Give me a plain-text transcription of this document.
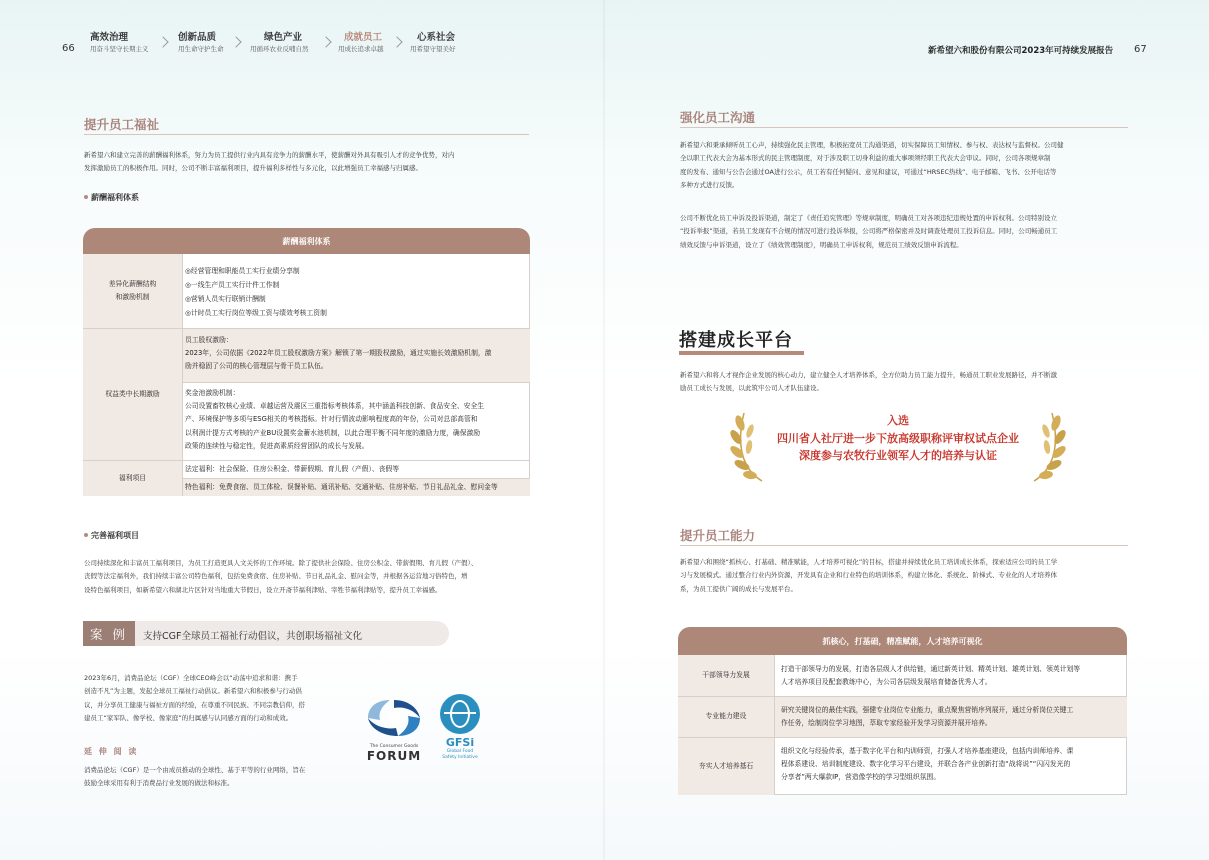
66
高效治理
用奋斗坚守长期主义
创新品质
用生命守护生命
绿色产业
用循环农业反哺自然
成就员工
用成长追求卓越
心系社会
用希望守望美好	新希望六和股份有限公司2023年可持续发展报告 67
提升员工福祉
新希望六和建立完善的薪酬福利体系，努力为员工提供行业内具有竞争力的薪酬水平，使薪酬对外具有吸引人才的竞争优势，对内
发挥激励员工的积极作用。同时，公司不断丰富福利项目，提升福利多样性与多元化，以此增强员工幸福感与归属感。
薪酬福利体系
薪酬福利体系
差异化薪酬结构
和激励机制
◎经营管理和职能员工实行业绩分享制
◎一线生产员工实行计件工作制
◎营销人员实行联销计酬制
◎计时员工实行岗位等级工资与绩效考核工资制
权益类中长期激励
员工股权激励：
2023年，公司依据《2022年员工股权激励方案》解锁了第一期股权激励，通过实施长效激励机制，激
励并稳固了公司的核心管理层与骨干员工队伍。
奖金池激励机制：
公司设置畜牧核心业绩、卓越运营及震区三重指标考核体系，其中涵盖科技创新、食品安全、安全生
产、环境保护等多项与ESG相关的考核指标。针对行情波动影响程度高的年份，公司对总部高管和
以利润计提方式考核的产业BU设置奖金蓄水池机制，以此合理平衡不同年度的激励力度，确保激励
政策的连续性与稳定性，促进高素质经营团队的成长与发展。
福利项目
法定福利：社会保险、住房公积金、带薪假期、育儿假（产假）、丧假等
特色福利：免费食宿、员工体检、误餐补贴、通讯补贴、交通补贴、住房补贴、节日礼品礼金、慰问金等
完善福利项目
公司持续深化和丰富员工福利项目，为员工打造更具人文关怀的工作环境。除了提供社会保险、住房公积金、带薪假期、育儿假（产假）、
丧假等法定福利外，我们持续丰富公司特色福利，包括免费食宿、住房补贴、节日礼品礼金、慰问金等，并根据各运营地习俗特色，增
设特色福利项目，如新希望六和湖北片区针对当地重大节假日，设立开斋节福利津贴、宰牲节福利津贴等，提升员工幸福感。
案 例	支持CGF全球员工福祉行动倡议，共创职场福祉文化
2023年6月，消费品论坛（CGF）全球CEO峰会以“动荡中追求和谐：携手
创造不凡”为主题，发起全球员工福祉行动倡议。新希望六和积极参与行动倡
议，并分享员工健康与福祉方面的经验，在尊重不同民族、不同宗教信仰，搭
建员工“家军队、像学校、像家庭”的归属感与认同感方面的行动和成效。
延 伸 阅 读
消费品论坛（CGF）是一个由成员推动的全球性、基于平等的行业网络，旨在
鼓励全球采用有利于消费品行业发展的做法和标准。
The Consumer Goods
FORUM
GFSi
Global Food
Safety Initiative
强化员工沟通
新希望六和秉承倾听员工心声，持续强化民主管理，积极拓宽员工沟通渠道，切实保障员工知情权、参与权、表达权与监督权。公司健
全以职工代表大会为基本形式的民主管理制度，对于涉及职工切身利益的重大事项须经职工代表大会审议。同时，公司各项规章制
度的发布、通知与公告会通过OA进行公示，员工若有任何疑问、意见和建议，可通过“HRSEC热线”、电子邮箱、飞书、公开电话等
多种方式进行反馈。
公司不断优化员工申诉及投诉渠道，制定了《责任追究管理》等规章制度，明确员工对各项违纪违规处置的申诉权利。公司特别设立
“投诉举报”渠道，若员工发现有不合规的情况可进行投诉举报，公司将严格保密并及时调查处理员工投诉信息。同时，公司畅通员工
绩效反馈与申诉渠道，设立了《绩效管理制度》，明确员工申诉权利，规范员工绩效反馈申诉流程。
搭建成长平台
新希望六和将人才视作企业发展的核心动力，建立健全人才培养体系，全方位助力员工能力提升，畅通员工职业发展路径，并不断激
励员工成长与发展，以此筑牢公司人才队伍建设。
入选
四川省人社厅进一步下放高级职称评审权试点企业
深度参与农牧行业领军人才的培养与认证
提升员工能力
新希望六和围绕“抓核心、打基础、精准赋能，人才培养可视化”的目标，搭建并持续优化员工培训成长体系，探索适应公司的员工学
习与发展模式。通过整合行业内外资源，开发具有企业和行业特色的培训体系，构建立体化、系统化、阶梯式、专业化的人才培养体
系，为员工提供广阔的成长与发展平台。
抓核心，打基础，精准赋能，人才培养可视化
干部领导力发展
打造干部领导力的发展，打造各层级人才供给链，通过新英计划、精英计划、雄英计划、领英计划等
人才培养项目及配套教练中心，为公司各层级发展培育储备优秀人才。
专业能力建设
研究关键岗位的最佳实践，强健专业岗位专业能力，重点聚焦营销序列展开，通过分析岗位关键工
作任务，绘制岗位学习地图，萃取专家经验开发学习资源并展开培养。
夯实人才培养基石
组织文化与经验传承，基于数字化平台和内训师资，打强人才培养基座建设，包括内训师培养、课
程体系建设、培训制度建设、数字化学习平台建设，并联合各产业创新打造“战将说”“闪闪发光的
分享者”两大爆款IP，营造像学校的学习型组织氛围。
